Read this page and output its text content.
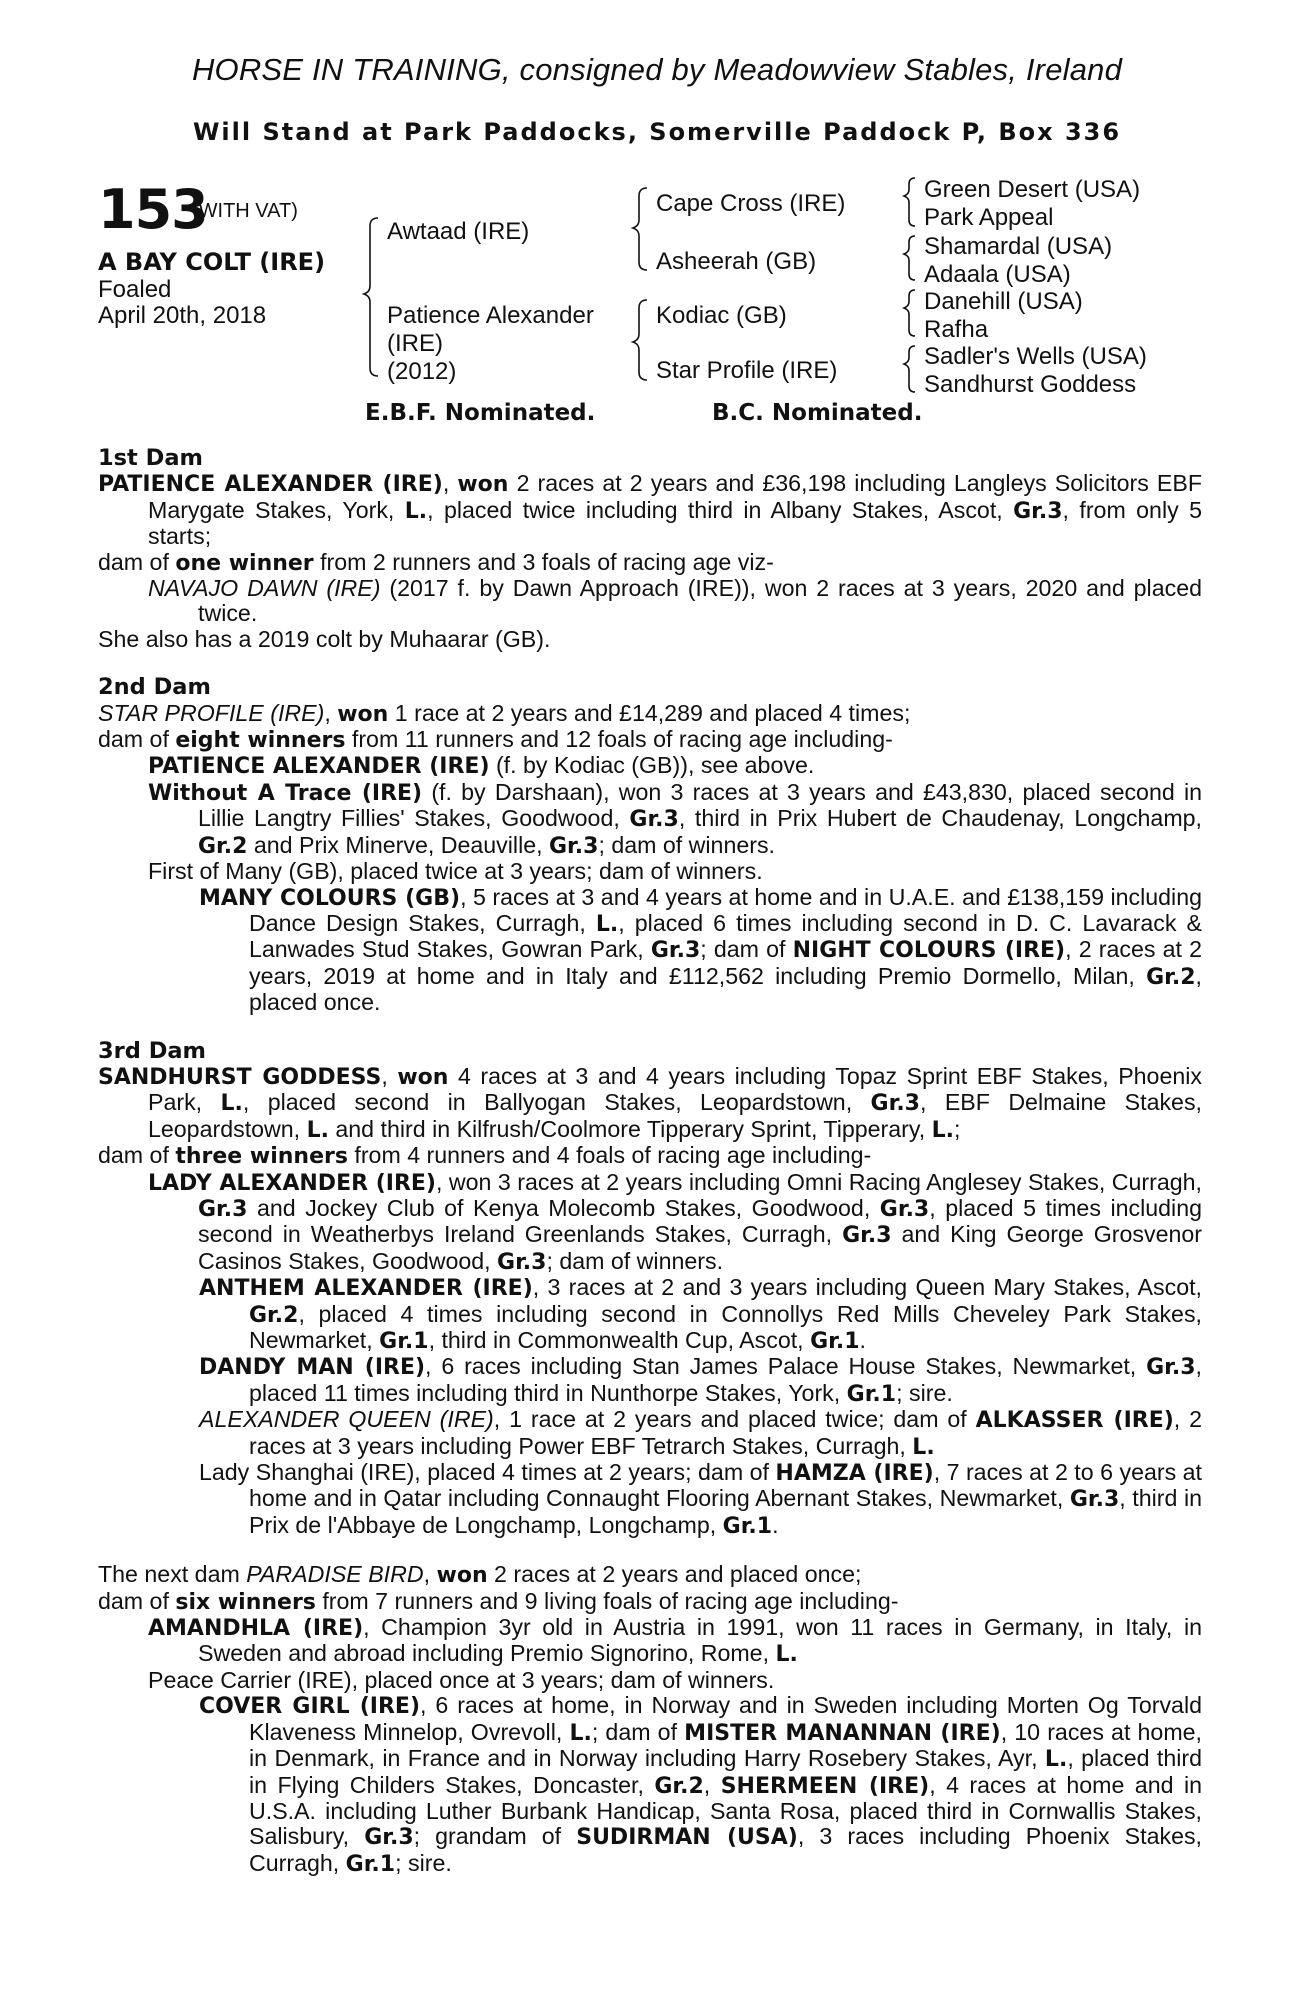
HORSE IN TRAINING, consigned by Meadowview Stables, Ireland
Will Stand at Park Paddocks, Somerville Paddock P, Box 336
153
(WITH VAT)
A BAY COLT (IRE)
Foaled
April 20th, 2018
Awtaad (IRE)
Patience Alexander
(IRE)
(2012)
Cape Cross (IRE)
Asheerah (GB)
Kodiac (GB)
Star Profile (IRE)
Green Desert (USA)
Park Appeal
Shamardal (USA)
Adaala (USA)
Danehill (USA)
Rafha
Sadler's Wells (USA)
Sandhurst Goddess
E.B.F. Nominated.	B.C. Nominated.
1st Dam
PATIENCE ALEXANDER (IRE), won 2 races at 2 years and £36,198 including Langleys Solicitors EBF Marygate Stakes, York, L., placed twice including third in Albany Stakes, Ascot, Gr.3, from only 5 starts;
dam of one winner from 2 runners and 3 foals of racing age viz-
NAVAJO DAWN (IRE) (2017 f. by Dawn Approach (IRE)), won 2 races at 3 years, 2020 and placed twice.
She also has a 2019 colt by Muhaarar (GB).
2nd Dam
STAR PROFILE (IRE), won 1 race at 2 years and £14,289 and placed 4 times;
dam of eight winners from 11 runners and 12 foals of racing age including-
PATIENCE ALEXANDER (IRE) (f. by Kodiac (GB)), see above.
Without A Trace (IRE) (f. by Darshaan), won 3 races at 3 years and £43,830, placed second in Lillie Langtry Fillies' Stakes, Goodwood, Gr.3, third in Prix Hubert de Chaudenay, Longchamp, Gr.2 and Prix Minerve, Deauville, Gr.3; dam of winners.
First of Many (GB), placed twice at 3 years; dam of winners.
MANY COLOURS (GB), 5 races at 3 and 4 years at home and in U.A.E. and £138,159 including Dance Design Stakes, Curragh, L., placed 6 times including second in D. C. Lavarack & Lanwades Stud Stakes, Gowran Park, Gr.3; dam of NIGHT COLOURS (IRE), 2 races at 2 years, 2019 at home and in Italy and £112,562 including Premio Dormello, Milan, Gr.2, placed once.
3rd Dam
SANDHURST GODDESS, won 4 races at 3 and 4 years including Topaz Sprint EBF Stakes, Phoenix Park, L., placed second in Ballyogan Stakes, Leopardstown, Gr.3, EBF Delmaine Stakes, Leopardstown, L. and third in Kilfrush/Coolmore Tipperary Sprint, Tipperary, L.;
dam of three winners from 4 runners and 4 foals of racing age including-
LADY ALEXANDER (IRE), won 3 races at 2 years including Omni Racing Anglesey Stakes, Curragh, Gr.3 and Jockey Club of Kenya Molecomb Stakes, Goodwood, Gr.3, placed 5 times including second in Weatherbys Ireland Greenlands Stakes, Curragh, Gr.3 and King George Grosvenor Casinos Stakes, Goodwood, Gr.3; dam of winners.
ANTHEM ALEXANDER (IRE), 3 races at 2 and 3 years including Queen Mary Stakes, Ascot, Gr.2, placed 4 times including second in Connollys Red Mills Cheveley Park Stakes, Newmarket, Gr.1, third in Commonwealth Cup, Ascot, Gr.1.
DANDY MAN (IRE), 6 races including Stan James Palace House Stakes, Newmarket, Gr.3, placed 11 times including third in Nunthorpe Stakes, York, Gr.1; sire.
ALEXANDER QUEEN (IRE), 1 race at 2 years and placed twice; dam of ALKASSER (IRE), 2 races at 3 years including Power EBF Tetrarch Stakes, Curragh, L.
Lady Shanghai (IRE), placed 4 times at 2 years; dam of HAMZA (IRE), 7 races at 2 to 6 years at home and in Qatar including Connaught Flooring Abernant Stakes, Newmarket, Gr.3, third in Prix de l'Abbaye de Longchamp, Longchamp, Gr.1.
The next dam PARADISE BIRD, won 2 races at 2 years and placed once;
dam of six winners from 7 runners and 9 living foals of racing age including-
AMANDHLA (IRE), Champion 3yr old in Austria in 1991, won 11 races in Germany, in Italy, in Sweden and abroad including Premio Signorino, Rome, L.
Peace Carrier (IRE), placed once at 3 years; dam of winners.
COVER GIRL (IRE), 6 races at home, in Norway and in Sweden including Morten Og Torvald Klaveness Minnelop, Ovrevoll, L.; dam of MISTER MANANNAN (IRE), 10 races at home, in Denmark, in France and in Norway including Harry Rosebery Stakes, Ayr, L., placed third in Flying Childers Stakes, Doncaster, Gr.2, SHERMEEN (IRE), 4 races at home and in U.S.A. including Luther Burbank Handicap, Santa Rosa, placed third in Cornwallis Stakes, Salisbury, Gr.3; grandam of SUDIRMAN (USA), 3 races including Phoenix Stakes, Curragh, Gr.1; sire.
